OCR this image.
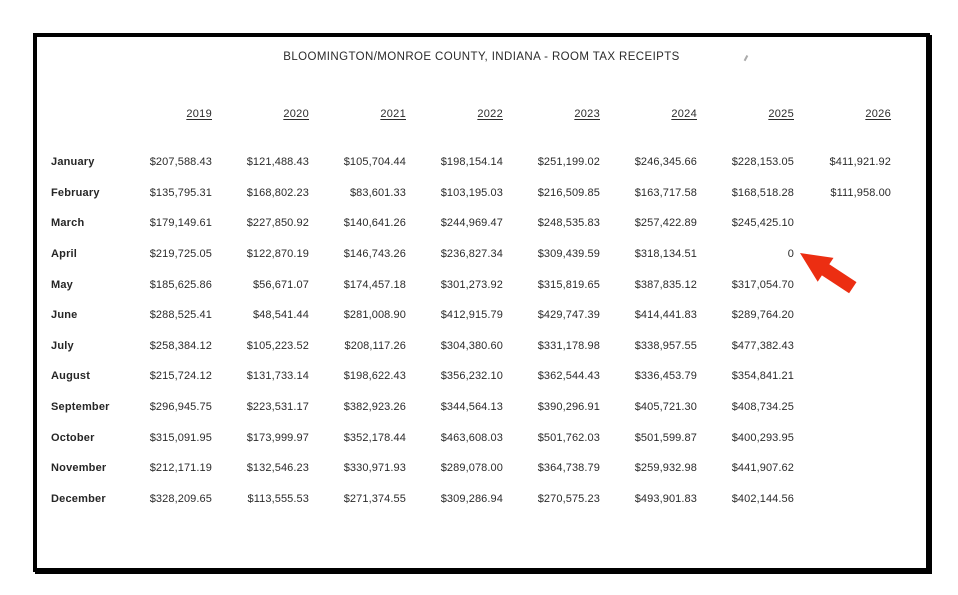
BLOOMINGTON/MONROE COUNTY, INDIANA - ROOM TAX RECEIPTS
2019	2020	2021	2022	2023	2024	2025	2026
January	$207,588.43	$121,488.43	$105,704.44	$198,154.14	$251,199.02	$246,345.66	$228,153.05	$411,921.92
February	$135,795.31	$168,802.23	$83,601.33	$103,195.03	$216,509.85	$163,717.58	$168,518.28	$111,958.00
March	$179,149.61	$227,850.92	$140,641.26	$244,969.47	$248,535.83	$257,422.89	$245,425.10
April	$219,725.05	$122,870.19	$146,743.26	$236,827.34	$309,439.59	$318,134.51	0
May	$185,625.86	$56,671.07	$174,457.18	$301,273.92	$315,819.65	$387,835.12	$317,054.70
June	$288,525.41	$48,541.44	$281,008.90	$412,915.79	$429,747.39	$414,441.83	$289,764.20
July	$258,384.12	$105,223.52	$208,117.26	$304,380.60	$331,178.98	$338,957.55	$477,382.43
August	$215,724.12	$131,733.14	$198,622.43	$356,232.10	$362,544.43	$336,453.79	$354,841.21
September	$296,945.75	$223,531.17	$382,923.26	$344,564.13	$390,296.91	$405,721.30	$408,734.25
October	$315,091.95	$173,999.97	$352,178.44	$463,608.03	$501,762.03	$501,599.87	$400,293.95
November	$212,171.19	$132,546.23	$330,971.93	$289,078.00	$364,738.79	$259,932.98	$441,907.62
December	$328,209.65	$113,555.53	$271,374.55	$309,286.94	$270,575.23	$493,901.83	$402,144.56
